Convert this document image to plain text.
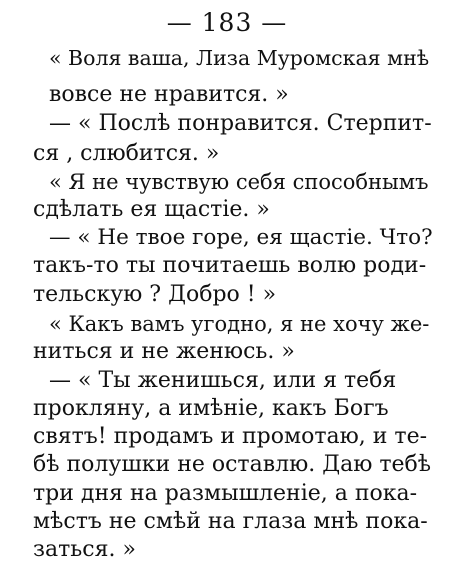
— 183 —
« Воля ваша, Лиза Муромская мнѣ
вовсе не нравится. »
— « Послѣ понравится. Стерпит-
ся , слюбится. »
« Я не чувствую себя способнымъ
сдѣлать ея щастіе. »
— « Не твое горе, ея щастіе. Что?
такъ-то ты почитаешь волю роди-
тельскую ? Добро ! »
« Какъ вамъ угодно, я не хочу же-
ниться и не женюсь. »
— « Ты женишься, или я тебя
прокляну, а имѣніе, какъ Богъ
святъ! продамъ и промотаю, и те-
бѣ полушки не оставлю. Даю тебѣ
три дня на размышленіе, а пока-
мѣстъ не смѣй на глаза мнѣ пока-
заться. »
